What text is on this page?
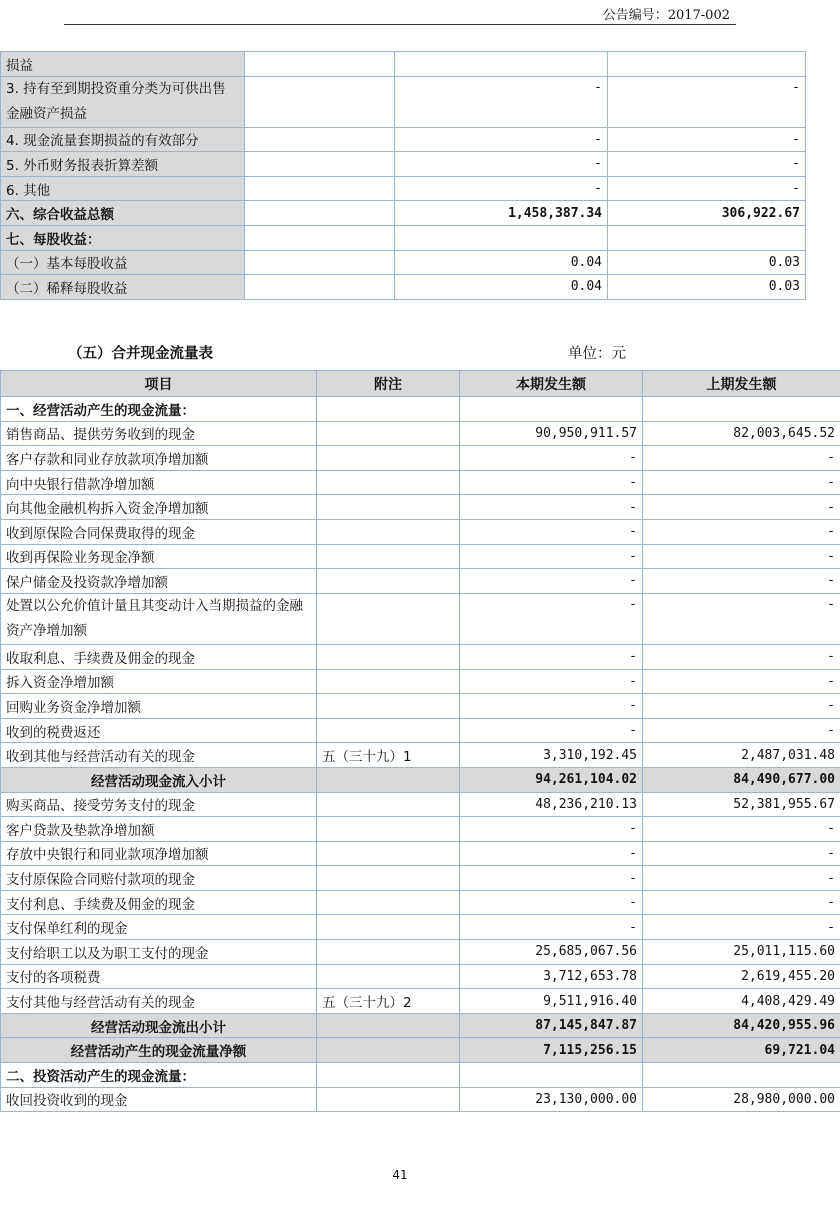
公告编号：2017-002
损益			
3. 持有至到期投资重分类为可供出售金融资产损益		-	-
4. 现金流量套期损益的有效部分		-	-
5. 外币财务报表折算差额		-	-
6. 其他		-	-
六、综合收益总额		1,458,387.34	306,922.67
七、每股收益：			
（一）基本每股收益		0.04	0.03
（二）稀释每股收益		0.04	0.03
（五）合并现金流量表	单位：元
项目	附注	本期发生额	上期发生额
一、经营活动产生的现金流量：			
销售商品、提供劳务收到的现金		90,950,911.57	82,003,645.52
客户存款和同业存放款项净增加额		-	-
向中央银行借款净增加额		-	-
向其他金融机构拆入资金净增加额		-	-
收到原保险合同保费取得的现金		-	-
收到再保险业务现金净额		-	-
保户储金及投资款净增加额		-	-
处置以公允价值计量且其变动计入当期损益的金融资产净增加额		-	-
收取利息、手续费及佣金的现金		-	-
拆入资金净增加额		-	-
回购业务资金净增加额		-	-
收到的税费返还		-	-
收到其他与经营活动有关的现金	五（三十九）1	3,310,192.45	2,487,031.48
经营活动现金流入小计		94,261,104.02	84,490,677.00
购买商品、接受劳务支付的现金		48,236,210.13	52,381,955.67
客户贷款及垫款净增加额		-	-
存放中央银行和同业款项净增加额		-	-
支付原保险合同赔付款项的现金		-	-
支付利息、手续费及佣金的现金		-	-
支付保单红利的现金		-	-
支付给职工以及为职工支付的现金		25,685,067.56	25,011,115.60
支付的各项税费		3,712,653.78	2,619,455.20
支付其他与经营活动有关的现金	五（三十九）2	9,511,916.40	4,408,429.49
经营活动现金流出小计		87,145,847.87	84,420,955.96
经营活动产生的现金流量净额		7,115,256.15	69,721.04
二、投资活动产生的现金流量：			
收回投资收到的现金		23,130,000.00	28,980,000.00
41
